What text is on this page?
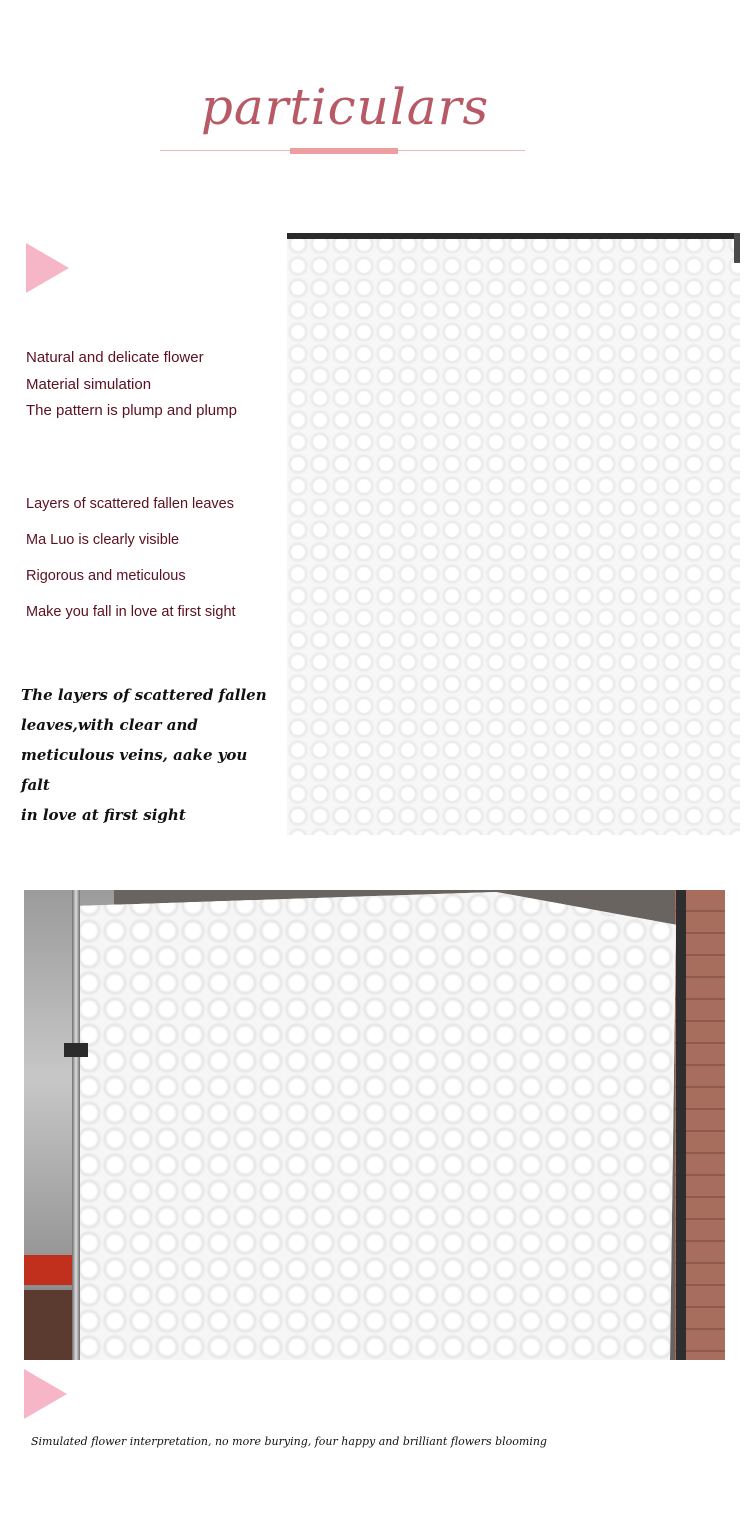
particulars

Natural and delicate flower

Material simulation

The pattern is plump and plump

Layers of scattered fallen leaves

Ma Luo is clearly visible

Rigorous and meticulous

Make you fall in love at first sight

The layers of scattered fallen

leaves,with clear and

meticulous veins, aake you falt

in love at first sight

Simulated flower interpretation, no more burying, four happy and brilliant flowers blooming
